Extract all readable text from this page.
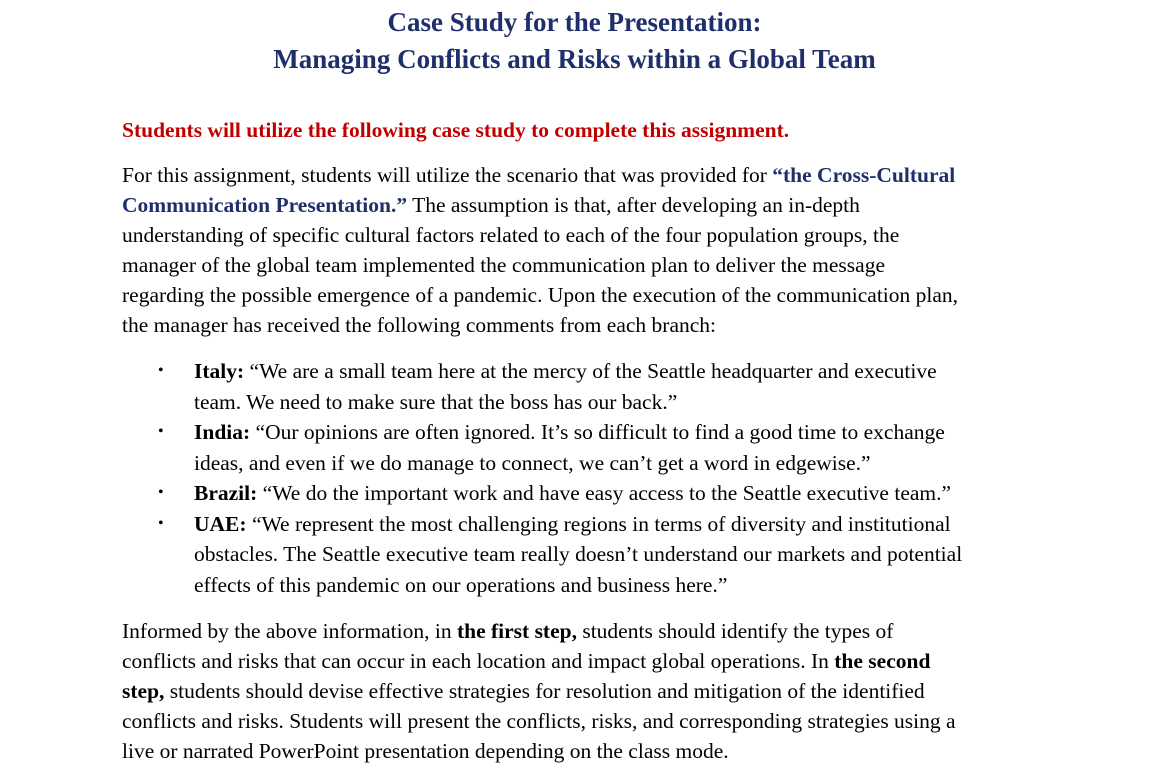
Case Study for the Presentation:
Managing Conflicts and Risks within a Global Team
Students will utilize the following case study to complete this assignment.
For this assignment, students will utilize the scenario that was provided for “the Cross-Cultural
Communication Presentation.” The assumption is that, after developing an in-depth
understanding of specific cultural factors related to each of the four population groups, the
manager of the global team implemented the communication plan to deliver the message
regarding the possible emergence of a pandemic. Upon the execution of the communication plan,
the manager has received the following comments from each branch:
• Italy: “We are a small team here at the mercy of the Seattle headquarter and executive
team. We need to make sure that the boss has our back.”
• India: “Our opinions are often ignored. It’s so difficult to find a good time to exchange
ideas, and even if we do manage to connect, we can’t get a word in edgewise.”
• Brazil: “We do the important work and have easy access to the Seattle executive team.”
• UAE: “We represent the most challenging regions in terms of diversity and institutional
obstacles. The Seattle executive team really doesn’t understand our markets and potential
effects of this pandemic on our operations and business here.”
Informed by the above information, in the first step, students should identify the types of
conflicts and risks that can occur in each location and impact global operations. In the second
step, students should devise effective strategies for resolution and mitigation of the identified
conflicts and risks. Students will present the conflicts, risks, and corresponding strategies using a
live or narrated PowerPoint presentation depending on the class mode.
